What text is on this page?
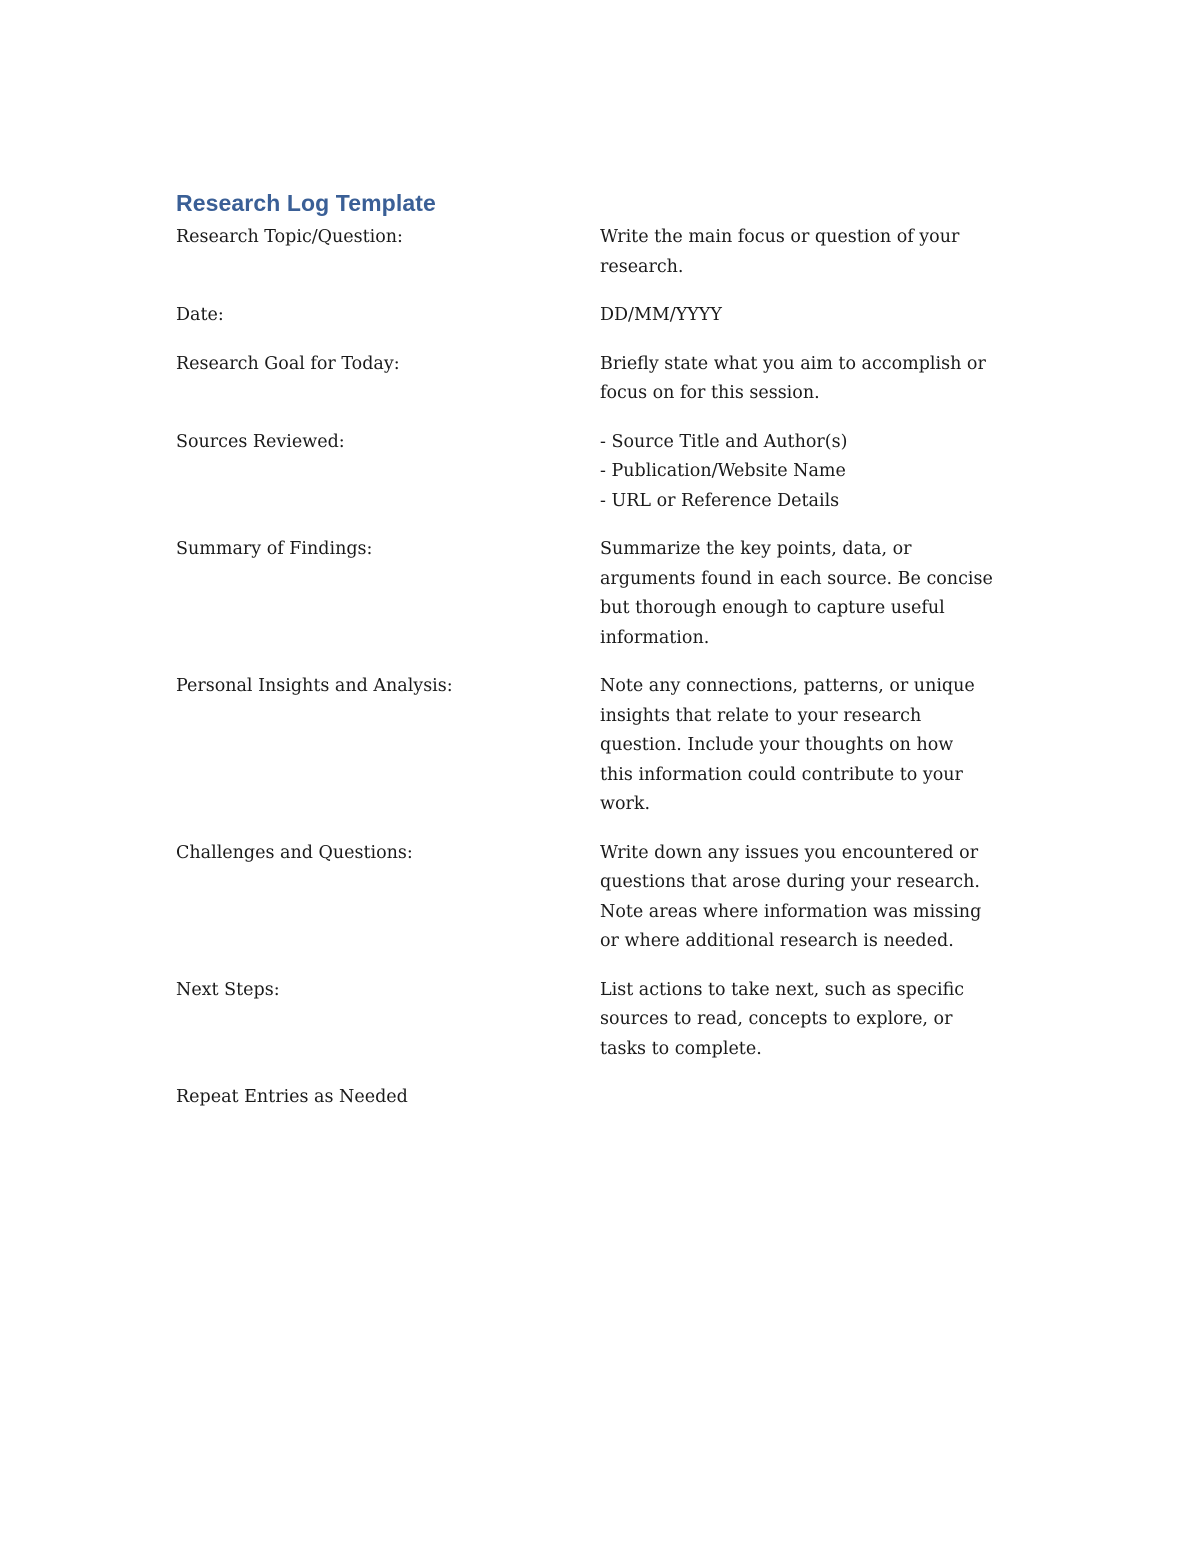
Research Log Template
Research Topic/Question:	Write the main focus or question of your
research.
Date:	DD/MM/YYYY
Research Goal for Today:	Briefly state what you aim to accomplish or
focus on for this session.
Sources Reviewed:	- Source Title and Author(s)
- Publication/Website Name
- URL or Reference Details
Summary of Findings:	Summarize the key points, data, or
arguments found in each source. Be concise
but thorough enough to capture useful
information.
Personal Insights and Analysis:	Note any connections, patterns, or unique
insights that relate to your research
question. Include your thoughts on how
this information could contribute to your
work.
Challenges and Questions:	Write down any issues you encountered or
questions that arose during your research.
Note areas where information was missing
or where additional research is needed.
Next Steps:	List actions to take next, such as specific
sources to read, concepts to explore, or
tasks to complete.
Repeat Entries as Needed
